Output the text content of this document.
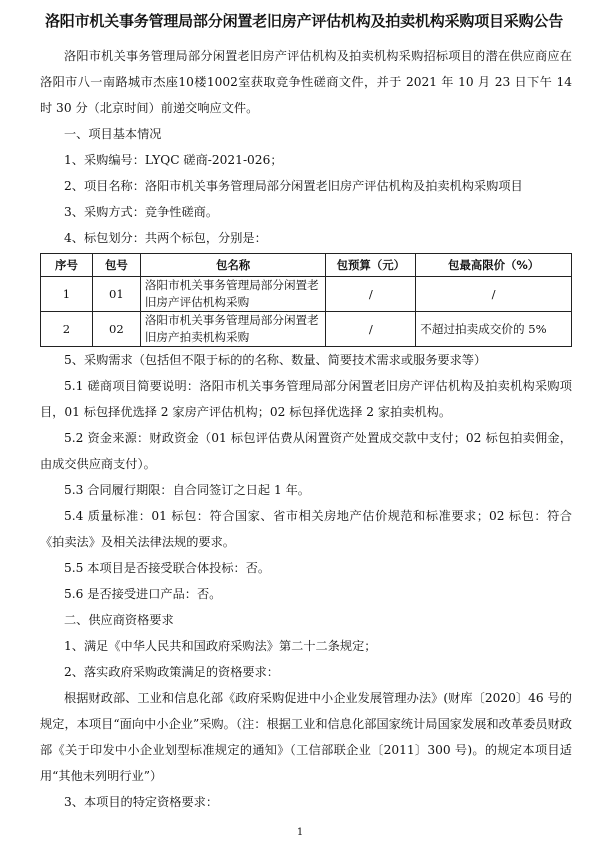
洛阳市机关事务管理局部分闲置老旧房产评估机构及拍卖机构采购项目采购公告

洛阳市机关事务管理局部分闲置老旧房产评估机构及拍卖机构采购招标项目的潜在供应商应在洛阳市八一南路城市杰座10楼1002室获取竞争性磋商文件，并于 2021 年 10 月 23 日下午 14 时 30 分（北京时间）前递交响应文件。

一、项目基本情况

1、采购编号：LYQC 磋商-2021-026；

2、项目名称：洛阳市机关事务管理局部分闲置老旧房产评估机构及拍卖机构采购项目

3、采购方式：竞争性磋商。

4、标包划分：共两个标包，分别是：

序号	包号	包名称	包预算（元）	包最高限价（%）
1	01	洛阳市机关事务管理局部分闲置老旧房产评估机构采购	/	/
2	02	洛阳市机关事务管理局部分闲置老旧房产拍卖机构采购	/	不超过拍卖成交价的 5%

5、采购需求（包括但不限于标的的名称、数量、简要技术需求或服务要求等）

5.1 磋商项目简要说明：洛阳市机关事务管理局部分闲置老旧房产评估机构及拍卖机构采购项目，01 标包择优选择 2 家房产评估机构；02 标包择优选择 2 家拍卖机构。

5.2 资金来源：财政资金（01 标包评估费从闲置资产处置成交款中支付；02 标包拍卖佣金，由成交供应商支付）。

5.3 合同履行期限：自合同签订之日起 1 年。

5.4 质量标准：01 标包：符合国家、省市相关房地产估价规范和标准要求；02 标包：符合《拍卖法》及相关法律法规的要求。

5.5 本项目是否接受联合体投标：否。

5.6 是否接受进口产品：否。

二、供应商资格要求

1、满足《中华人民共和国政府采购法》第二十二条规定；

2、落实政府采购政策满足的资格要求：

根据财政部、工业和信息化部《政府采购促进中小企业发展管理办法》(财库〔2020〕46 号的规定，本项目“面向中小企业”采购。（注：根据工业和信息化部国家统计局国家发展和改革委员财政部《关于印发中小企业划型标准规定的通知》（工信部联企业〔2011〕300 号)。的规定本项目适用“其他未列明行业”）

3、本项目的特定资格要求：

1
